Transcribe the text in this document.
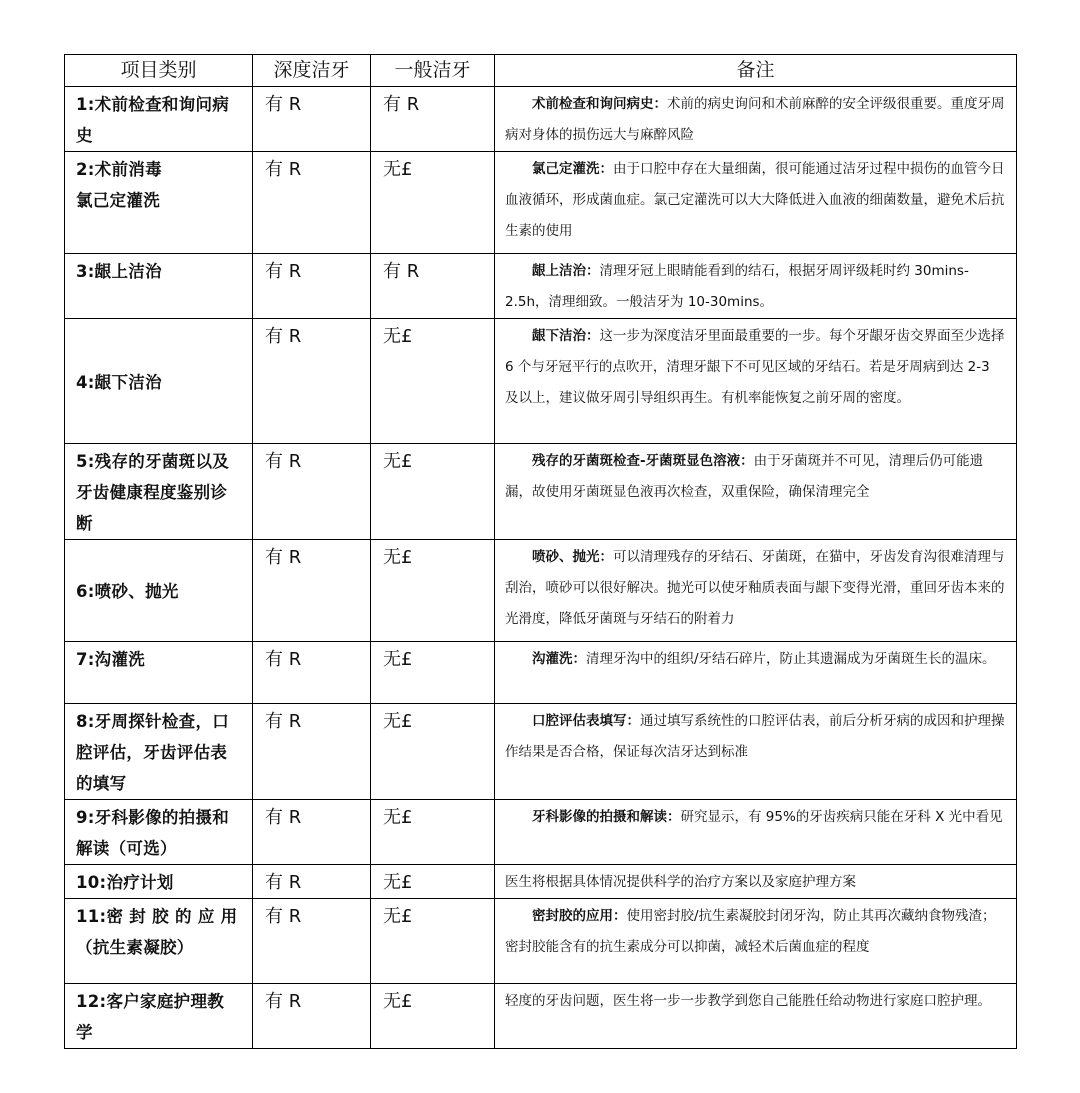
项目类别	深度洁牙	一般洁牙	备注

1:术前检查和询问病
史	有 R	有 R	术前检查和询问病史：术前的病史询问和术前麻醉的安全评级很重要。重度牙周病对身体的损伤远大与麻醉风险

2:术前消毒
氯己定灌洗	有 R	无£	氯己定灌洗：由于口腔中存在大量细菌，很可能通过洁牙过程中损伤的血管今日血液循环，形成菌血症。氯己定灌洗可以大大降低进入血液的细菌数量，避免术后抗生素的使用

3:龈上洁治	有 R	有 R	龈上洁治：清理牙冠上眼睛能看到的结石，根据牙周评级耗时约 30mins-2.5h，清理细致。一般洁牙为 10-30mins。

4:龈下洁治	有 R	无£	龈下洁治：这一步为深度洁牙里面最重要的一步。每个牙龈牙齿交界面至少选择 6 个与牙冠平行的点吹开，清理牙龈下不可见区域的牙结石。若是牙周病到达 2-3 及以上，建议做牙周引导组织再生。有机率能恢复之前牙周的密度。

5:残存的牙菌斑以及
牙齿健康程度鉴别诊
断	有 R	无£	残存的牙菌斑检查-牙菌斑显色溶液：由于牙菌斑并不可见，清理后仍可能遗漏，故使用牙菌斑显色液再次检查，双重保险，确保清理完全

6:喷砂、抛光	有 R	无£	喷砂、抛光：可以清理残存的牙结石、牙菌斑，在猫中，牙齿发育沟很难清理与刮治，喷砂可以很好解决。抛光可以使牙釉质表面与龈下变得光滑，重回牙齿本来的光滑度，降低牙菌斑与牙结石的附着力

7:沟灌洗	有 R	无£	沟灌洗：清理牙沟中的组织/牙结石碎片，防止其遗漏成为牙菌斑生长的温床。

8:牙周探针检查，口
腔评估，牙齿评估表
的填写	有 R	无£	口腔评估表填写：通过填写系统性的口腔评估表，前后分析牙病的成因和护理操作结果是否合格，保证每次洁牙达到标准

9:牙科影像的拍摄和
解读（可选）	有 R	无£	牙科影像的拍摄和解读：研究显示，有 95%的牙齿疾病只能在牙科 X 光中看见

10:治疗计划	有 R	无£	医生将根据具体情况提供科学的治疗方案以及家庭护理方案

11:密 封 胶 的 应 用
（抗生素凝胶）	有 R	无£	密封胶的应用：使用密封胶/抗生素凝胶封闭牙沟，防止其再次藏纳食物残渣；密封胶能含有的抗生素成分可以抑菌，减轻术后菌血症的程度

12:客户家庭护理教
学	有 R	无£	轻度的牙齿问题，医生将一步一步教学到您自己能胜任给动物进行家庭口腔护理。
